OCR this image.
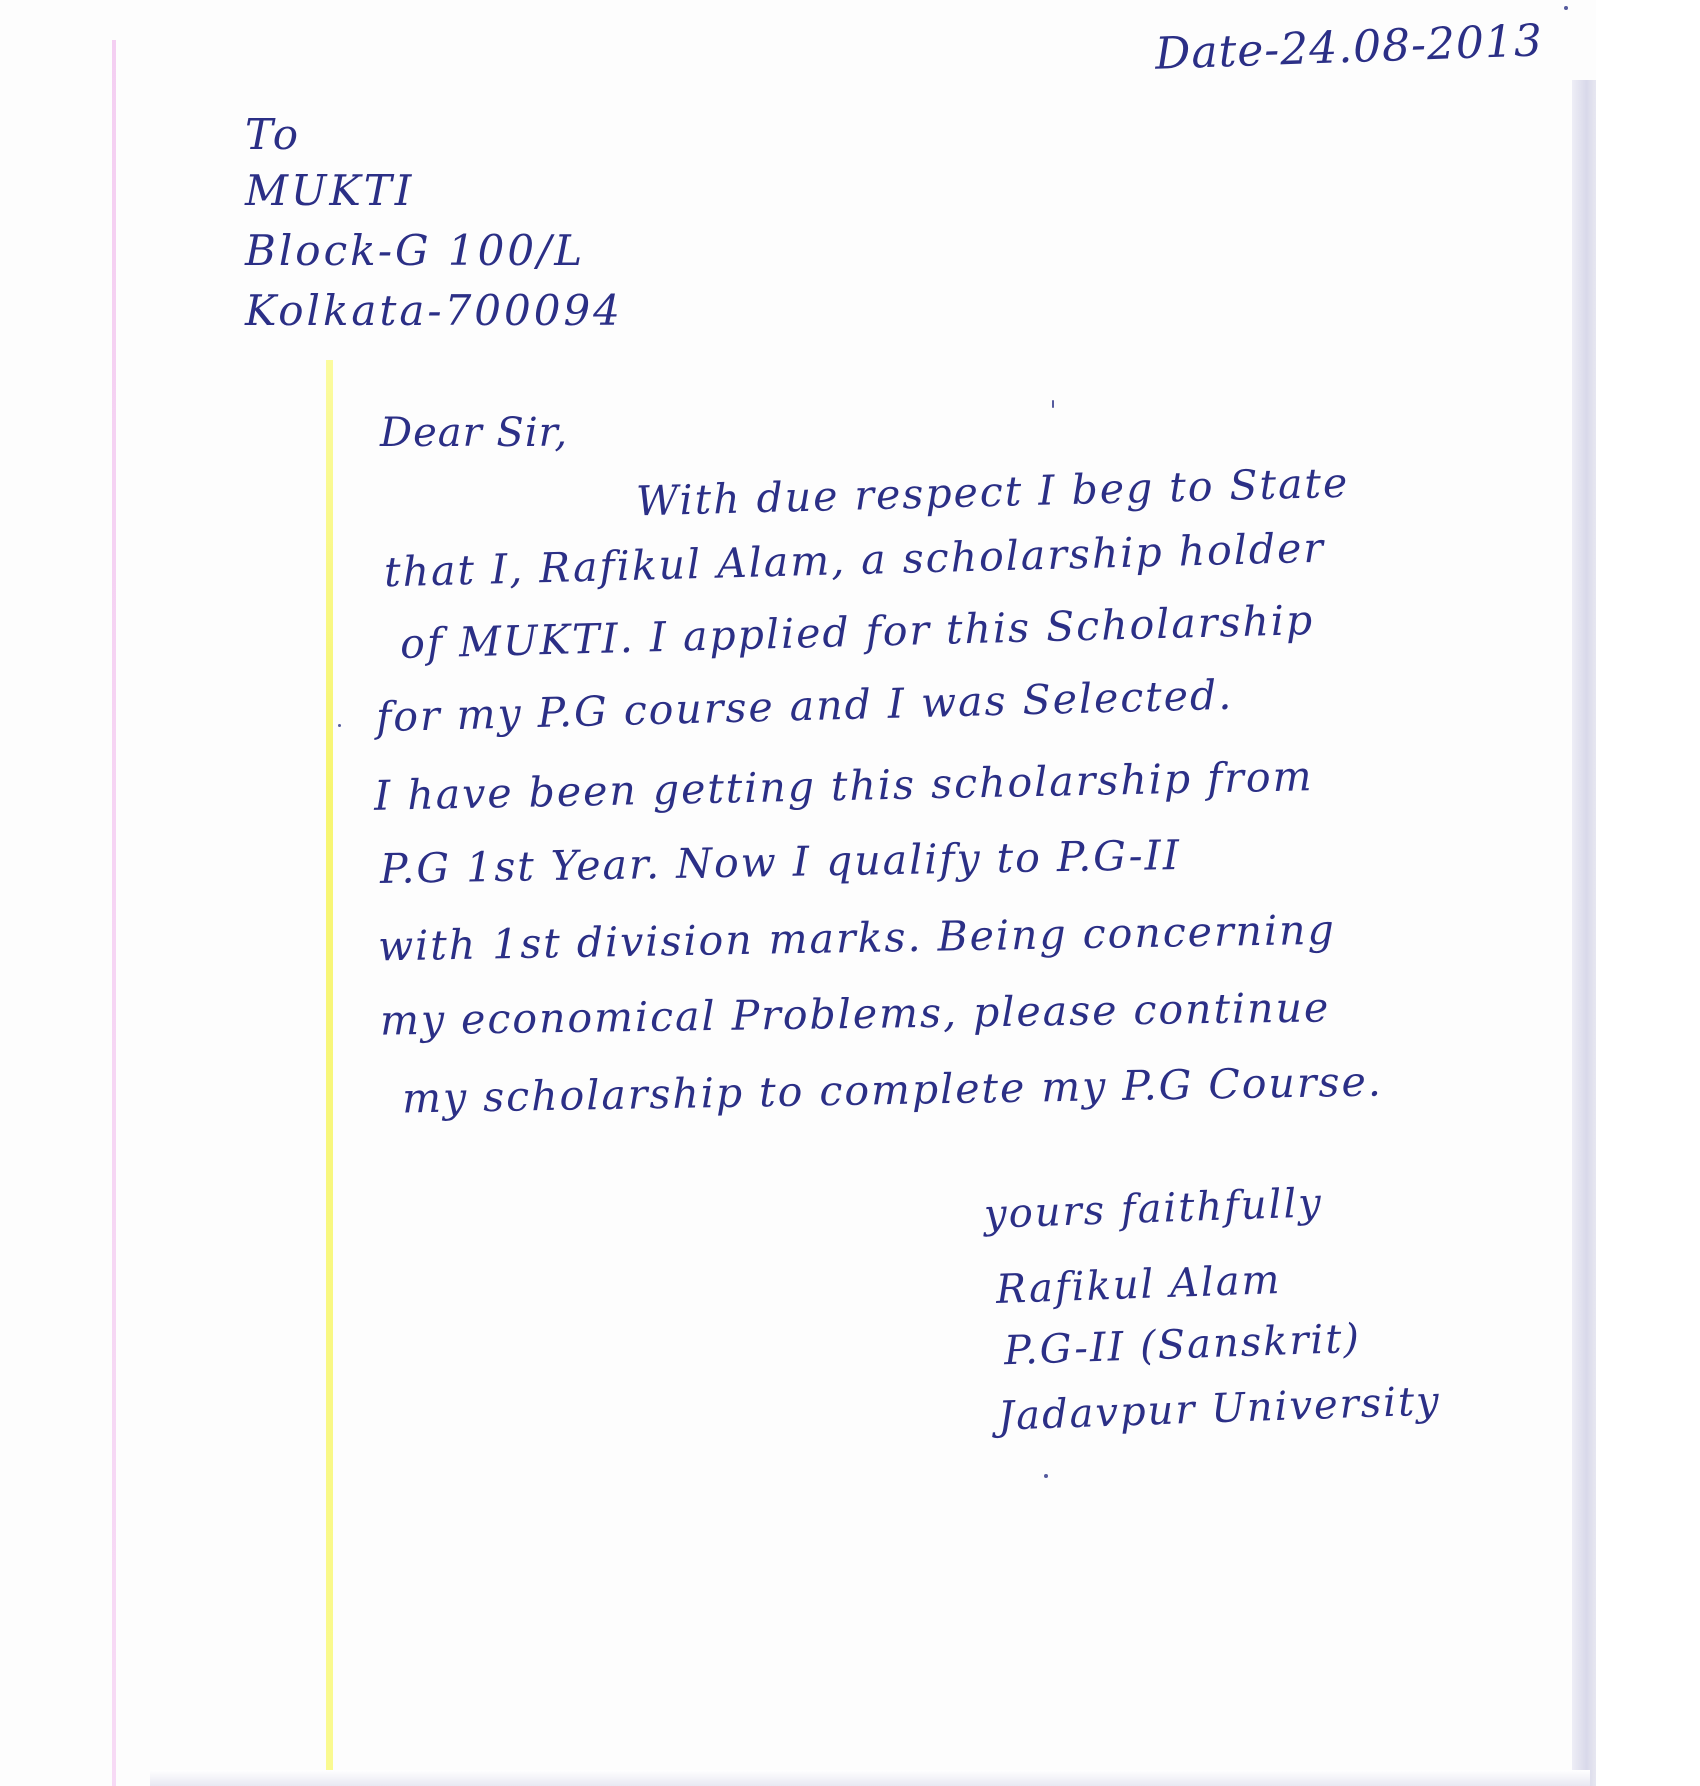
Date-24.08-2013
To
MUKTI
Block-G 100/L
Kolkata-700094
Dear Sir,
With due respect I beg to State
that I, Rafikul Alam, a scholarship holder
of MUKTI. I applied for this Scholarship
for my P.G course and I was Selected.
I have been getting this scholarship from
P.G 1st Year. Now I qualify to P.G-II
with 1st division marks. Being concerning
my economical Problems, please continue
my scholarship to complete my P.G Course.
yours faithfully
Rafikul Alam
P.G-II (Sanskrit)
Jadavpur University
